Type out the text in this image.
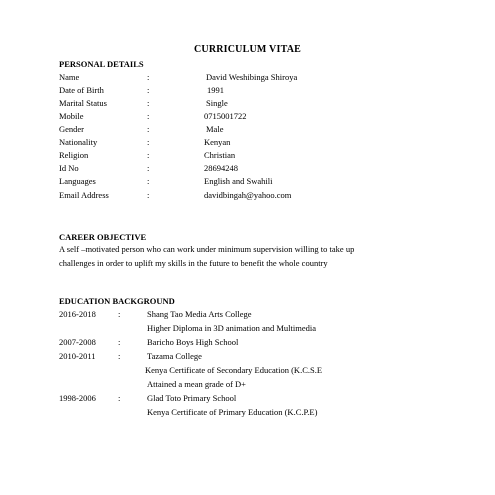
CURRICULUM VITAE
PERSONAL DETAILS
Name	:	David Weshibinga Shiroya
Date of Birth	:	1991
Marital Status	:	Single
Mobile	:	0715001722
Gender	:	Male
Nationality	:	Kenyan
Religion	:	Christian
Id No	:	28694248
Languages	:	English and Swahili
Email Address	:	davidbingah@yahoo.com
CAREER OBJECTIVE
A self –motivated person who can work under minimum supervision willing to take up
challenges in order to uplift my skills in the future to benefit the whole country
EDUCATION BACKGROUND
2016-2018	:	Shang Tao Media Arts College
Higher Diploma in 3D animation and Multimedia
2007-2008	:	Baricho Boys High School
2010-2011	:	Tazama College
Kenya Certificate of Secondary Education (K.C.S.E
Attained a mean grade of D+
1998-2006	:	Glad Toto Primary School
Kenya Certificate of Primary Education (K.C.P.E)
